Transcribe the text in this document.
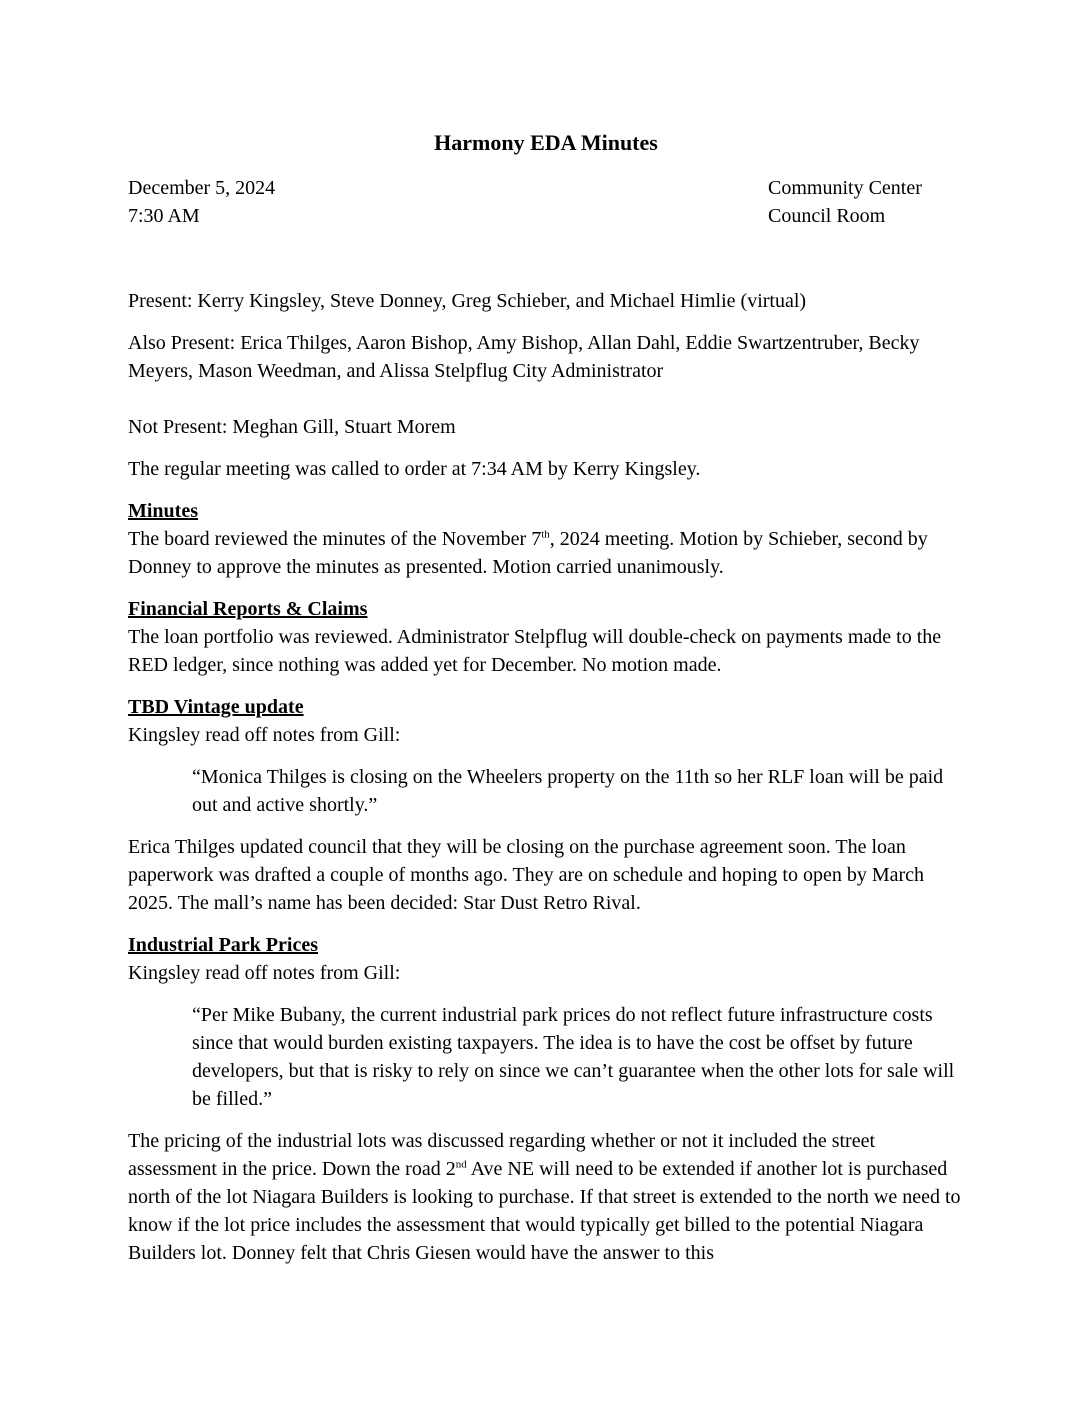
Harmony EDA Minutes
December 5, 2024
7:30 AM
Community Center
Council Room

Present: Kerry Kingsley, Steve Donney, Greg Schieber, and Michael Himlie (virtual)

Also Present: Erica Thilges, Aaron Bishop, Amy Bishop, Allan Dahl, Eddie Swartzentruber, Becky Meyers, Mason Weedman, and Alissa Stelpflug City Administrator

Not Present: Meghan Gill, Stuart Morem

The regular meeting was called to order at 7:34 AM by Kerry Kingsley.

Minutes

The board reviewed the minutes of the November 7th, 2024 meeting. Motion by Schieber, second by Donney to approve the minutes as presented. Motion carried unanimously.

Financial Reports & Claims

The loan portfolio was reviewed. Administrator Stelpflug will double-check on payments made to the RED ledger, since nothing was added yet for December. No motion made.

TBD Vintage update

Kingsley read off notes from Gill:

“Monica Thilges is closing on the Wheelers property on the 11th so her RLF loan will be paid out and active shortly.”

Erica Thilges updated council that they will be closing on the purchase agreement soon. The loan paperwork was drafted a couple of months ago. They are on schedule and hoping to open by March 2025. The mall’s name has been decided: Star Dust Retro Rival.

Industrial Park Prices

Kingsley read off notes from Gill:

“Per Mike Bubany, the current industrial park prices do not reflect future infrastructure costs since that would burden existing taxpayers. The idea is to have the cost be offset by future developers, but that is risky to rely on since we can’t guarantee when the other lots for sale will be filled.”

The pricing of the industrial lots was discussed regarding whether or not it included the street assessment in the price. Down the road 2nd Ave NE will need to be extended if another lot is purchased north of the lot Niagara Builders is looking to purchase. If that street is extended to the north we need to know if the lot price includes the assessment that would typically get billed to the potential Niagara Builders lot. Donney felt that Chris Giesen would have the answer to this
